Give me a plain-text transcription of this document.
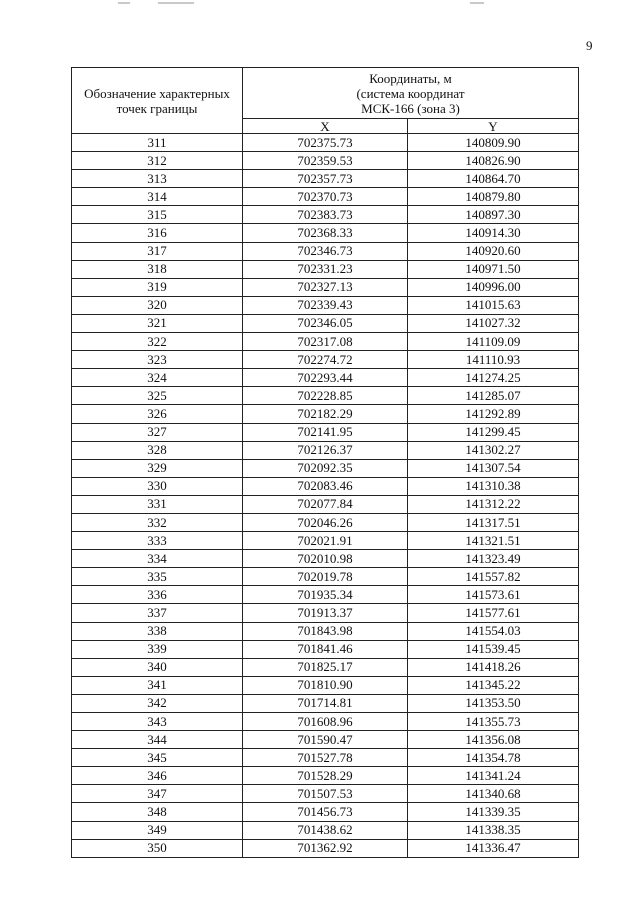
9
Обозначение характерных точек границы	Координаты, м
(система координат
МСК-166 (зона 3)	

	X	Y
311	702375.73	140809.90
312	702359.53	140826.90
313	702357.73	140864.70
314	702370.73	140879.80
315	702383.73	140897.30
316	702368.33	140914.30
317	702346.73	140920.60
318	702331.23	140971.50
319	702327.13	140996.00
320	702339.43	141015.63
321	702346.05	141027.32
322	702317.08	141109.09
323	702274.72	141110.93
324	702293.44	141274.25
325	702228.85	141285.07
326	702182.29	141292.89
327	702141.95	141299.45
328	702126.37	141302.27
329	702092.35	141307.54
330	702083.46	141310.38
331	702077.84	141312.22
332	702046.26	141317.51
333	702021.91	141321.51
334	702010.98	141323.49
335	702019.78	141557.82
336	701935.34	141573.61
337	701913.37	141577.61
338	701843.98	141554.03
339	701841.46	141539.45
340	701825.17	141418.26
341	701810.90	141345.22
342	701714.81	141353.50
343	701608.96	141355.73
344	701590.47	141356.08
345	701527.78	141354.78
346	701528.29	141341.24
347	701507.53	141340.68
348	701456.73	141339.35
349	701438.62	141338.35
350	701362.92	141336.47
